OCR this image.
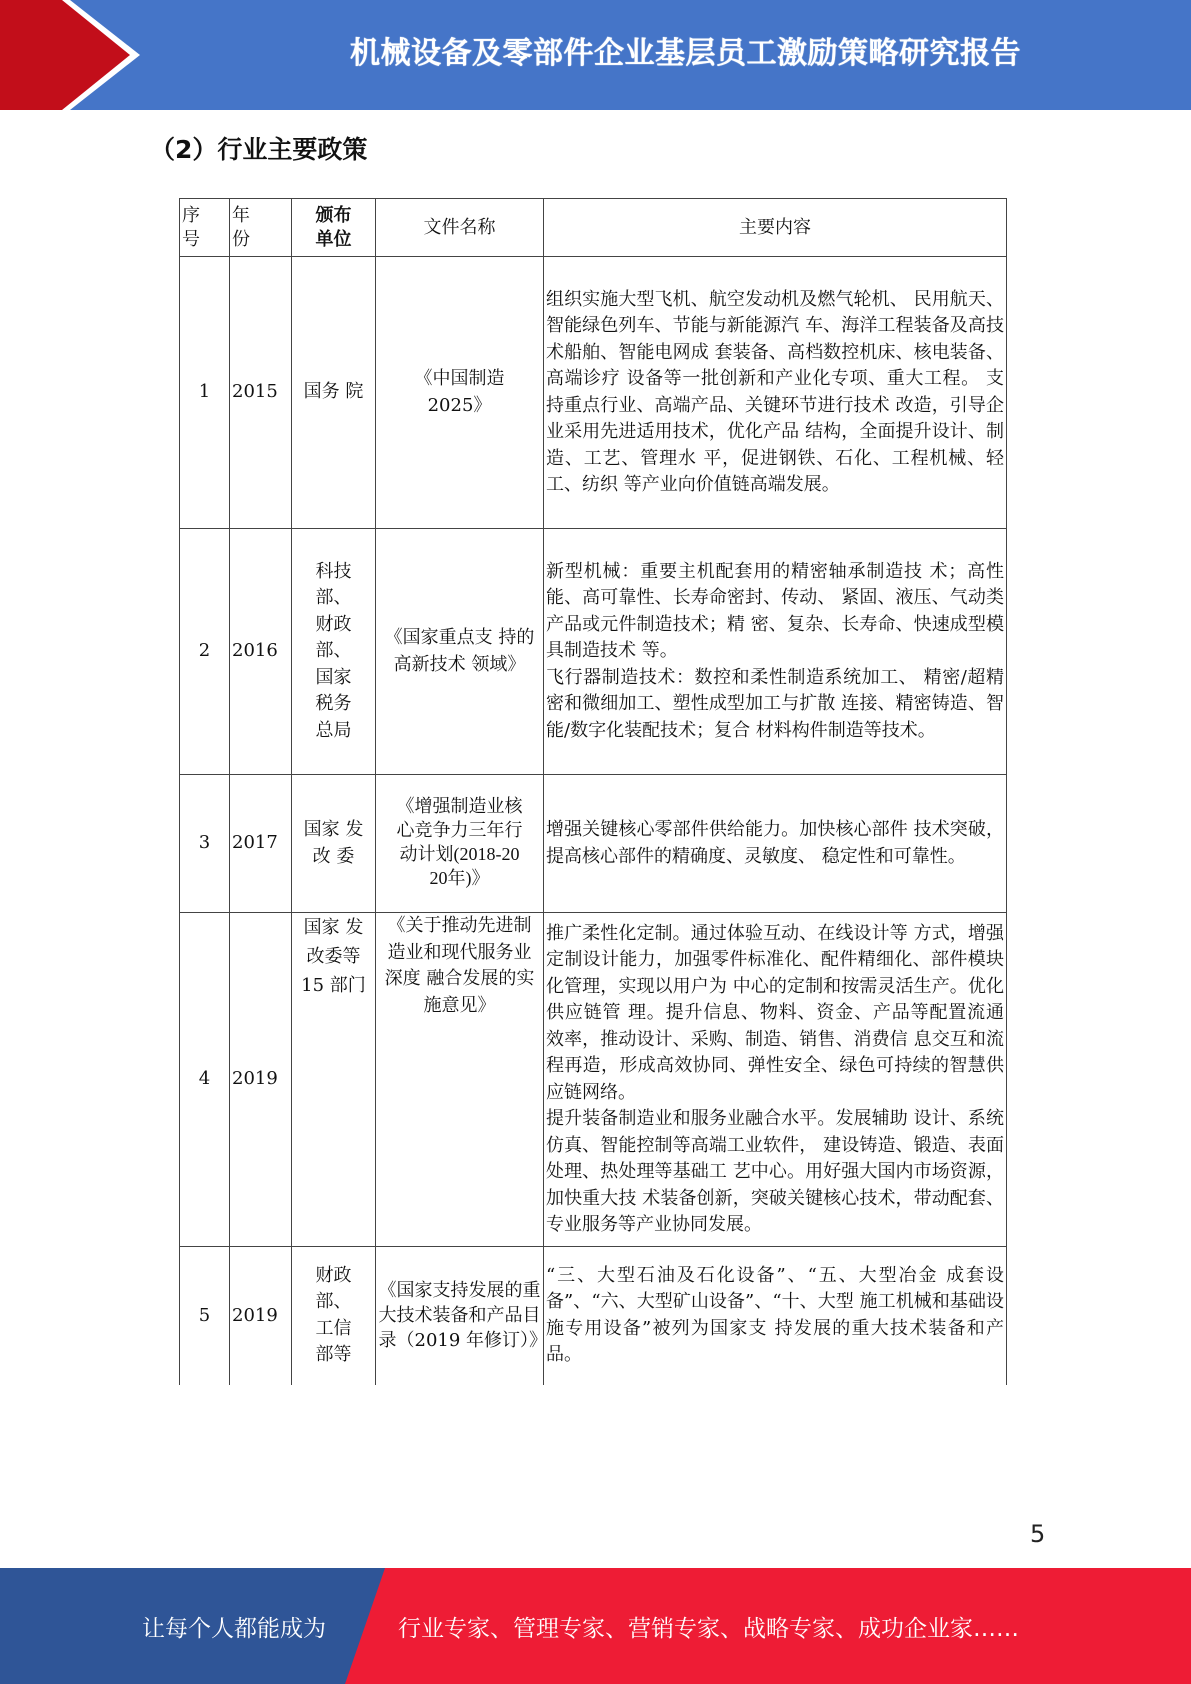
机械设备及零部件企业基层员工激励策略研究报告
（2）行业主要政策
序号	年份	颁布单位	文件名称	主要内容
1	2015	国务 院	《中国制造 2025》	组织实施大型飞机、航空发动机及燃气轮机、 民用航天、智能绿色列车、节能与新能源汽 车、海洋工程装备及高技术船舶、智能电网成 套装备、高档数控机床、核电装备、高端诊疗 设备等一批创新和产业化专项、重大工程。 支持重点行业、高端产品、关键环节进行技术 改造，引导企业采用先进适用技术，优化产品 结构，全面提升设计、制造、工艺、管理水 平，促进钢铁、石化、工程机械、轻工、纺织 等产业向价值链高端发展。

2	2016	科技部、财政部、国家税务总局	《国家重点支 持的高新技术 领域》	新型机械：重要主机配套用的精密轴承制造技 术；高性能、高可靠性、长寿命密封、传动、 紧固、液压、气动类产品或元件制造技术；精 密、复杂、长寿命、快速成型模具制造技术 等。

飞行器制造技术：数控和柔性制造系统加工、 精密/超精密和微细加工、塑性成型加工与扩散 连接、精密铸造、智能/数字化装配技术；复合 材料构件制造等技术。

3	2017	国家 发改 委	《增强制造业核心竞争力三年行动计划(2018-2020年)》	增强关键核心零部件供给能力。加快核心部件 技术突破，提高核心部件的精确度、灵敏度、 稳定性和可靠性。

4	2019	国家 发改委等 15 部门	《关于推动先进制造业和现代服务业深度 融合发展的实 施意见》	推广柔性化定制。通过体验互动、在线设计等 方式，增强定制设计能力，加强零件标准化、配件精细化、部件模块化管理，实现以用户为 中心的定制和按需灵活生产。优化供应链管 理。提升信息、物料、资金、产品等配置流通 效率，推动设计、采购、制造、销售、消费信 息交互和流程再造，形成高效协同、弹性安全、绿色可持续的智慧供应链网络。

提升装备制造业和服务业融合水平。发展辅助 设计、系统仿真、智能控制等高端工业软件， 建设铸造、锻造、表面处理、热处理等基础工 艺中心。用好强大国内市场资源，加快重大技 术装备创新，突破关键核心技术，带动配套、 专业服务等产业协同发展。

5	2019	财政部、工信部等	《国家支持发展的重大技术装备和产品目录（2019 年修订）》	“三、大型石油及石化设备”、“五、大型冶金 成套设备”、“六、大型矿山设备”、“十、大型 施工机械和基础设施专用设备”被列为国家支 持发展的重大技术装备和产品。

5
让每个人都能成为	行业专家、管理专家、营销专家、战略专家、成功企业家……
